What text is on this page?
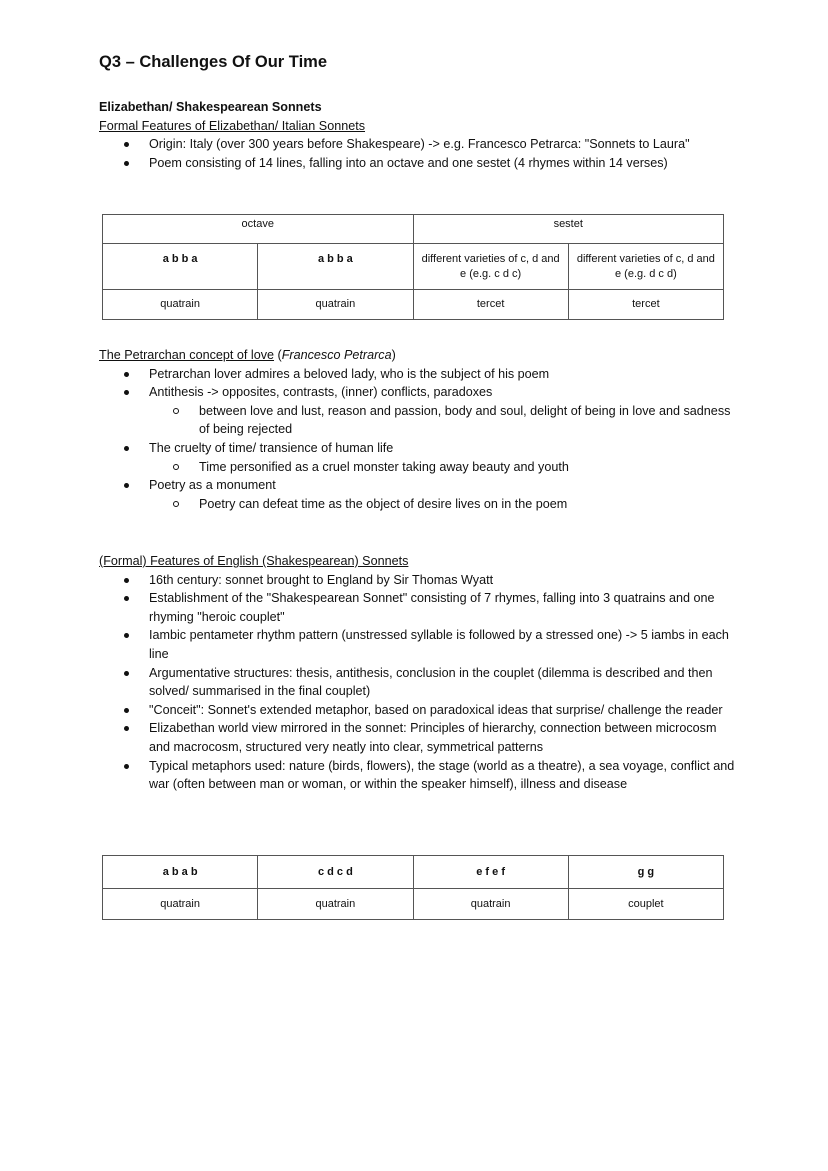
Q3 – Challenges Of Our Time
Elizabethan/ Shakespearean Sonnets
Formal Features of Elizabethan/ Italian Sonnets
Origin: Italy (over 300 years before Shakespeare) -> e.g. Francesco Petrarca: "Sonnets to Laura"
Poem consisting of 14 lines, falling into an octave and one sestet (4 rhymes within 14 verses)
octave		sestet	
a b b a	a b b a	different varieties of c, d and e (e.g. c d c)	different varieties of c, d and e (e.g. d c d)
quatrain	quatrain	tercet	tercet
The Petrarchan concept of love (Francesco Petrarca)
Petrarchan lover admires a beloved lady, who is the subject of his poem
Antithesis -> opposites, contrasts, (inner) conflicts, paradoxes
between love and lust, reason and passion, body and soul, delight of being in love and sadness of being rejected
The cruelty of time/ transience of human life
Time personified as a cruel monster taking away beauty and youth
Poetry as a monument
Poetry can defeat time as the object of desire lives on in the poem
(Formal) Features of English (Shakespearean) Sonnets
16th century: sonnet brought to England by Sir Thomas Wyatt
Establishment of the "Shakespearean Sonnet" consisting of 7 rhymes, falling into 3 quatrains and one rhyming "heroic couplet"
Iambic pentameter rhythm pattern (unstressed syllable is followed by a stressed one) -> 5 iambs in each line
Argumentative structures: thesis, antithesis, conclusion in the couplet (dilemma is described and then solved/ summarised in the final couplet)
"Conceit": Sonnet's extended metaphor, based on paradoxical ideas that surprise/ challenge the reader
Elizabethan world view mirrored in the sonnet: Principles of hierarchy, connection between microcosm and macrocosm, structured very neatly into clear, symmetrical patterns
Typical metaphors used: nature (birds, flowers), the stage (world as a theatre), a sea voyage, conflict and war (often between man or woman, or within the speaker himself), illness and disease
a b a b	c d c d	e f e f	g g
quatrain	quatrain	quatrain	couplet
